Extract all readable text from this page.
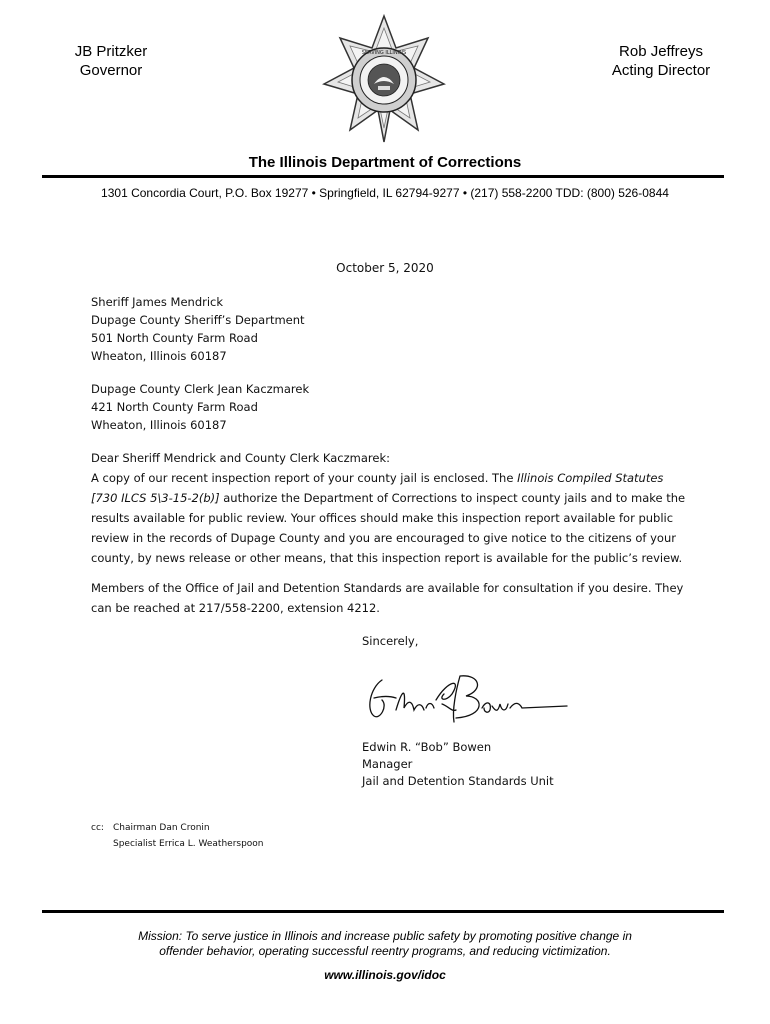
JB Pritzker
Governor
SERVING ILLINOIS	Rob Jeffreys
Acting Director
The Illinois Department of Corrections
1301 Concordia Court, P.O. Box 19277 • Springfield, IL 62794-9277 • (217) 558-2200 TDD: (800) 526-0844
October 5, 2020
Sheriff James Mendrick
Dupage County Sheriff’s Department
501 North County Farm Road
Wheaton, Illinois 60187
Dupage County Clerk Jean Kaczmarek
421 North County Farm Road
Wheaton, Illinois 60187

Dear Sheriff Mendrick and County Clerk Kaczmarek:

A copy of our recent inspection report of your county jail is enclosed. The Illinois Compiled Statutes [730 ILCS 5\3-15-2(b)] authorize the Department of Corrections to inspect county jails and to make the results available for public review. Your offices should make this inspection report available for public review in the records of Dupage County and you are encouraged to give notice to the citizens of your county, by news release or other means, that this inspection report is available for the public’s review.

Members of the Office of Jail and Detention Standards are available for consultation if you desire. They can be reached at 217/558-2200, extension 4212.
Sincerely,
Edwin R. “Bob” Bowen
Manager
Jail and Detention Standards Unit
cc: Chairman Dan Cronin
Specialist Errica L. Weatherspoon
Mission: To serve justice in Illinois and increase public safety by promoting positive change in
offender behavior, operating successful reentry programs, and reducing victimization.
www.illinois.gov/idoc
